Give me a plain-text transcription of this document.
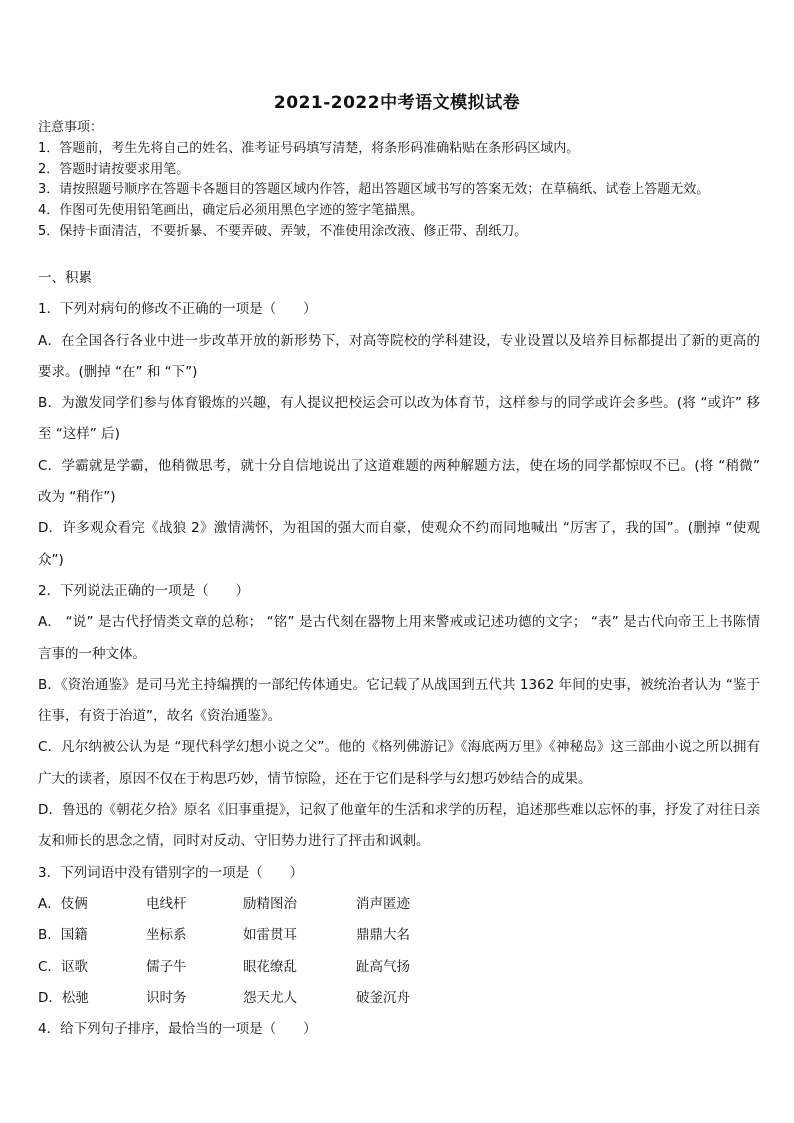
2021-2022中考语文模拟试卷
注意事项：
1．答题前，考生先将自己的姓名、准考证号码填写清楚，将条形码准确粘贴在条形码区域内。
2．答题时请按要求用笔。
3．请按照题号顺序在答题卡各题目的答题区域内作答，超出答题区域书写的答案无效；在草稿纸、试卷上答题无效。
4．作图可先使用铅笔画出，确定后必须用黑色字迹的签字笔描黑。
5．保持卡面清洁，不要折暴、不要弄破、弄皱，不准使用涂改液、修正带、刮纸刀。
一、积累
1．下列对病句的修改不正确的一项是（　　）
A．在全国各行各业中进一步改革开放的新形势下，对高等院校的学科建设，专业设置以及培养目标都提出了新的更高的要求。(删掉 “在” 和 “下”)
B．为激发同学们参与体育锻炼的兴趣，有人提议把校运会可以改为体育节，这样参与的同学或许会多些。(将 “或许” 移至 “这样” 后)
C．学霸就是学霸，他稍微思考，就十分自信地说出了这道难题的两种解题方法，使在场的同学都惊叹不已。(将 “稍微” 改为 “稍作”)
D．许多观众看完《战狼 2》激情满怀，为祖国的强大而自豪，使观众不约而同地喊出 “厉害了，我的国”。(删掉 “使观众”)
2．下列说法正确的一项是（　　）
A． “说” 是古代抒情类文章的总称； “铭” 是古代刻在器物上用来警戒或记述功德的文字； “表” 是古代向帝王上书陈情言事的一种文体。
B．《资治通鉴》是司马光主持编撰的一部纪传体通史。它记载了从战国到五代共 1362 年间的史事，被统治者认为 “鉴于往事，有资于治道”，故名《资治通鉴》。
C．凡尔纳被公认为是 “现代科学幻想小说之父”。他的《格列佛游记》《海底两万里》《神秘岛》这三部曲小说之所以拥有广大的读者，原因不仅在于构思巧妙，情节惊险，还在于它们是科学与幻想巧妙结合的成果。
D．鲁迅的《朝花夕拾》原名《旧事重提》，记叙了他童年的生活和求学的历程，追述那些难以忘怀的事，抒发了对往日亲友和师长的思念之情，同时对反动、守旧势力进行了抨击和讽刺。
3．下列词语中没有错别字的一项是（　　）
A．伎俩	电线杆	励精图治	消声匿迹
B．国籍	坐标系	如雷贯耳	鼎鼎大名
C．讴歌	儒子牛	眼花缭乱	趾高气扬
D．松驰	识时务	怨天尤人	破釜沉舟
4．给下列句子排序，最恰当的一项是（　　）
